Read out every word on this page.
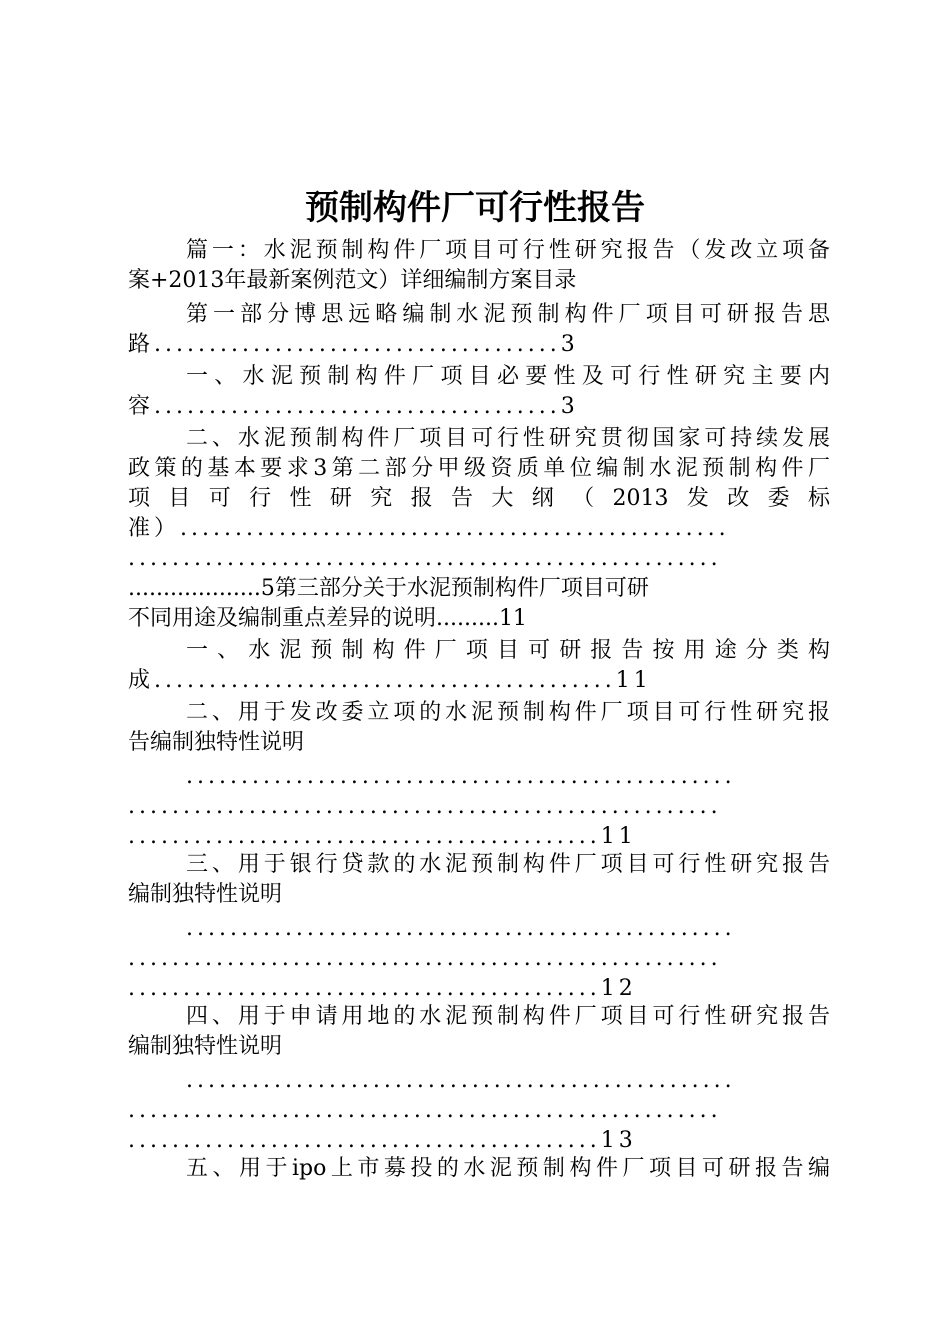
预制构件厂可行性报告
篇一：水泥预制构件厂项目可行性研究报告（发改立项备
案+2013年最新案例范文）详细编制方案目录
第一部分博思远略编制水泥预制构件厂项目可研报告思
路.....................................3
一、水泥预制构件厂项目必要性及可行性研究主要内
容.....................................3
二、水泥预制构件厂项目可行性研究贯彻国家可持续发展
政策的基本要求3第二部分甲级资质单位编制水泥预制构件厂
项目可行性研究报告大纲（2013发改委标
准）..................................................
......................................................
...................5第三部分关于水泥预制构件厂项目可研
不同用途及编制重点差异的说明.........11
一、水泥预制构件厂项目可研报告按用途分类构
成..........................................11
二、用于发改委立项的水泥预制构件厂项目可行性研究报
告编制独特性说明
..................................................
......................................................
...........................................11
三、用于银行贷款的水泥预制构件厂项目可行性研究报告
编制独特性说明
..................................................
......................................................
...........................................12
四、用于申请用地的水泥预制构件厂项目可行性研究报告
编制独特性说明
..................................................
......................................................
...........................................13
五、用于ipo上市募投的水泥预制构件厂项目可研报告编
